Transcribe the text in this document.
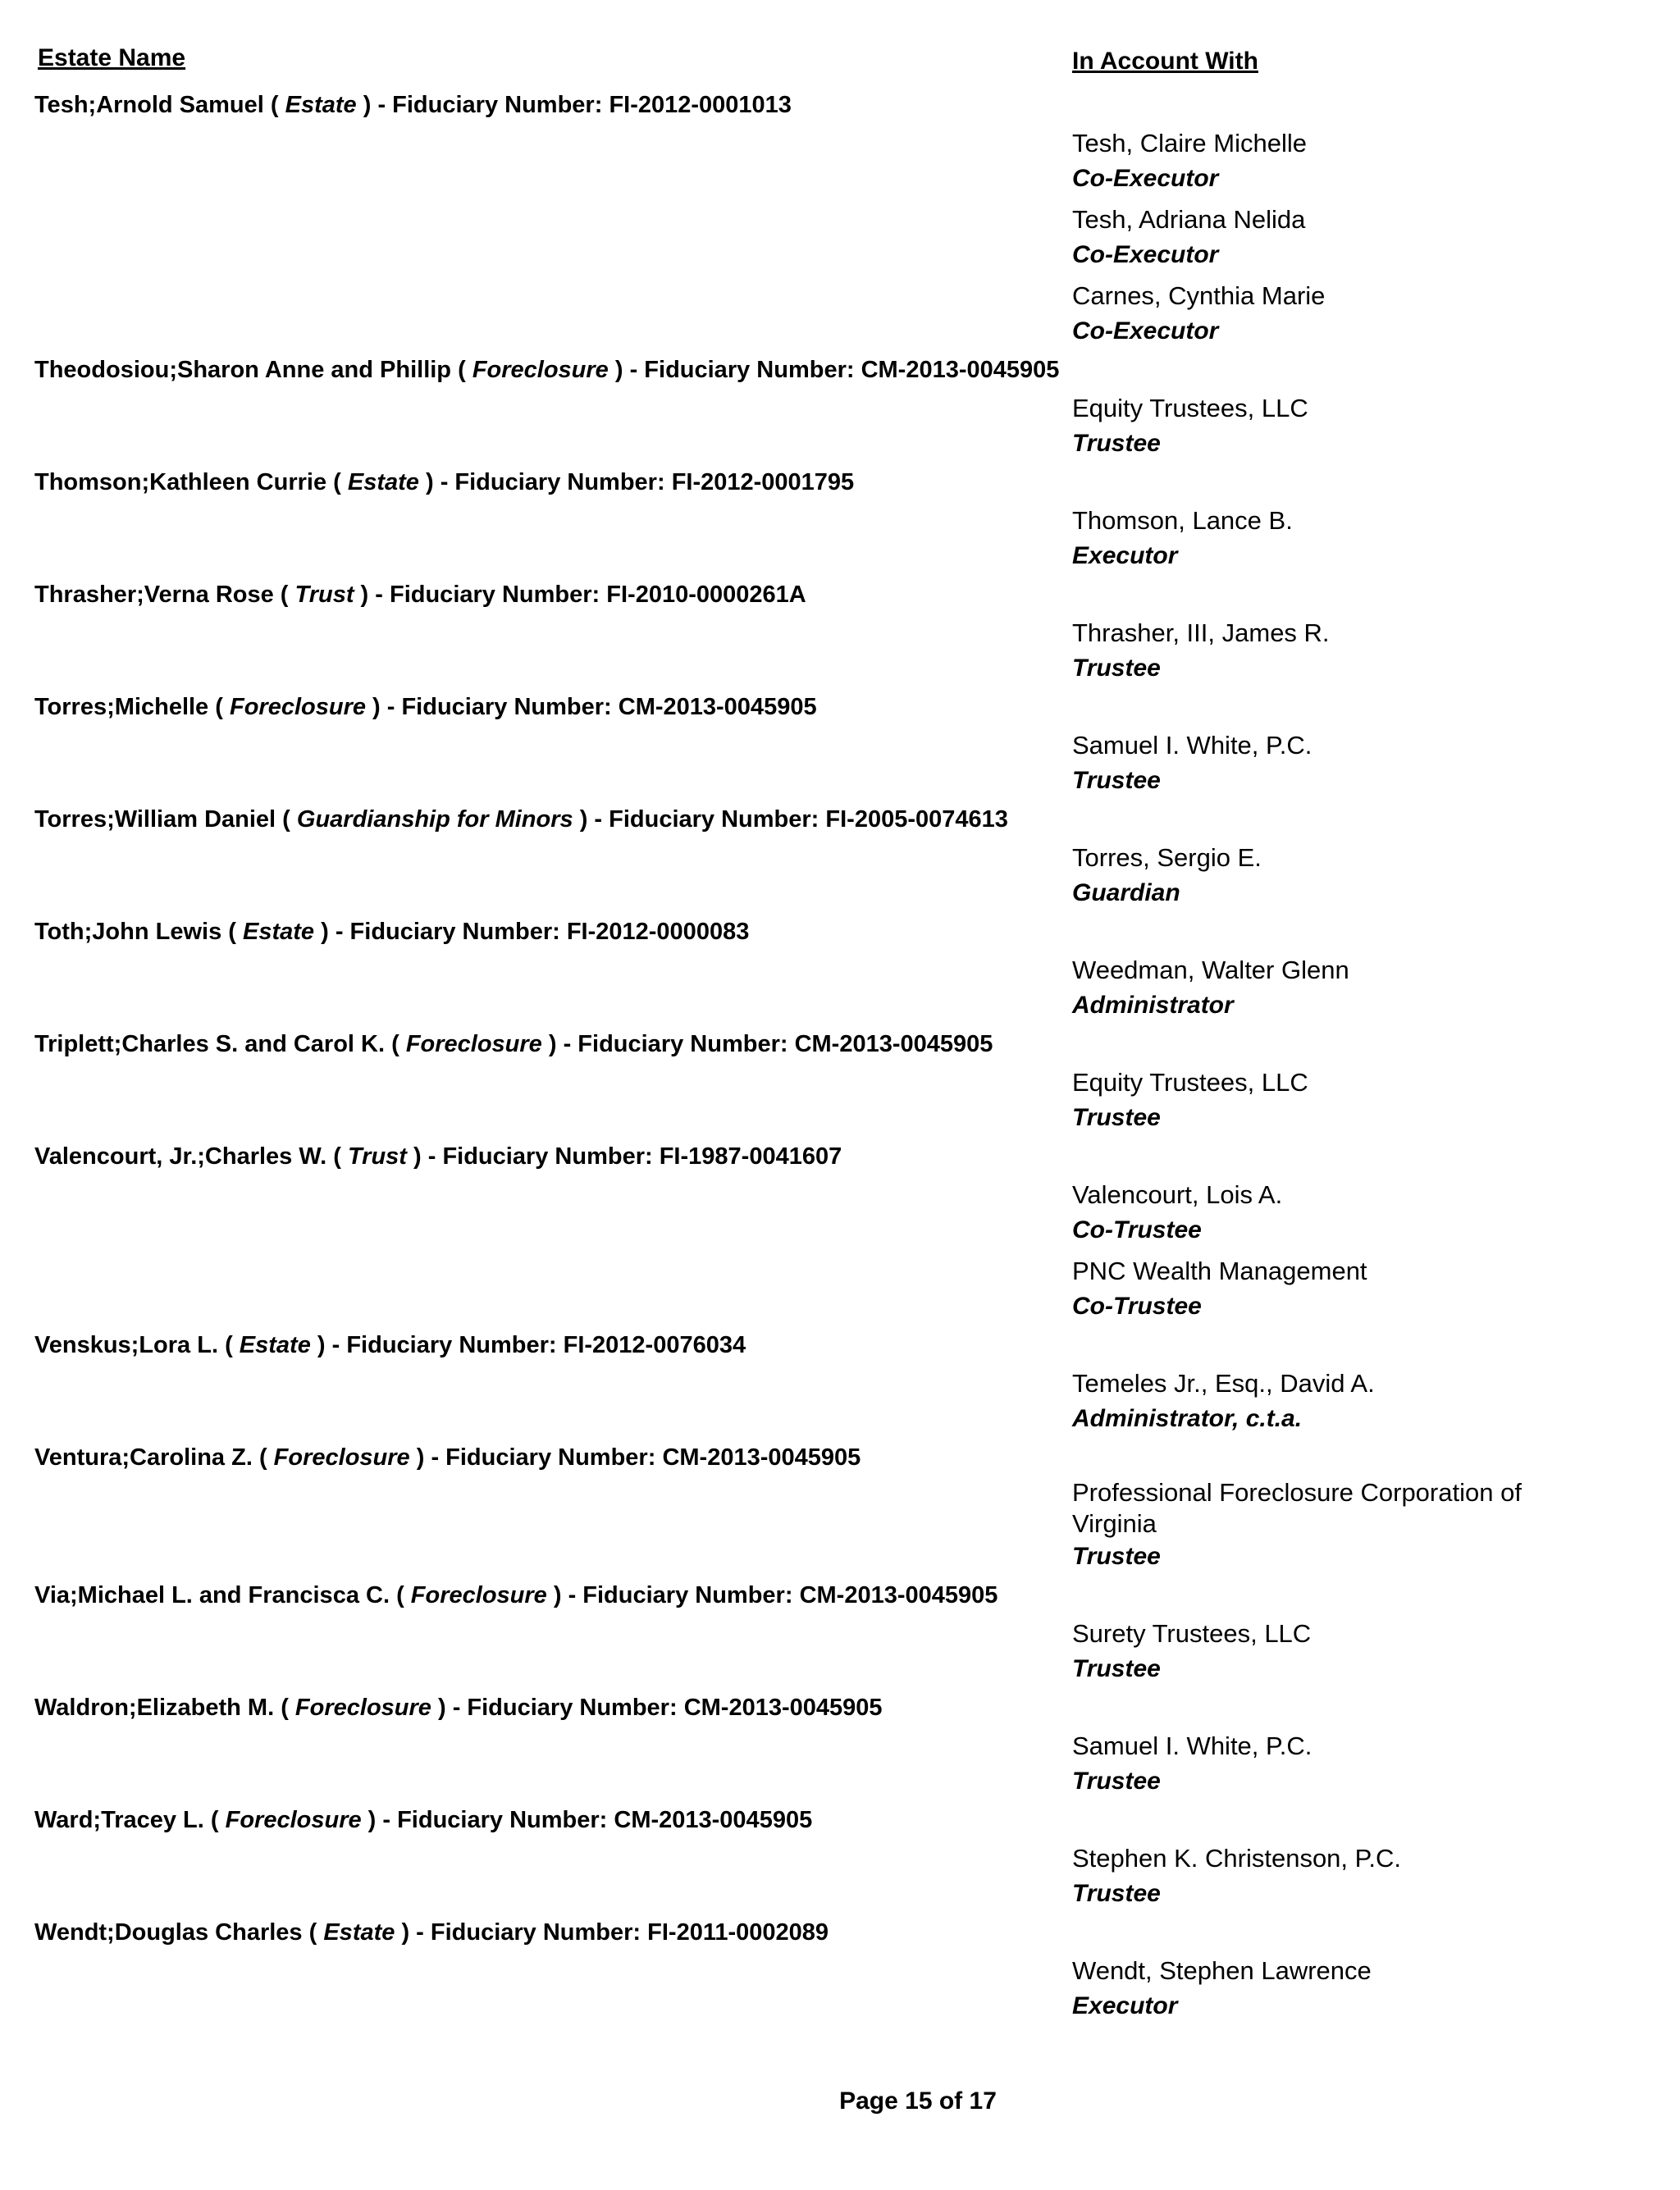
Estate Name	In Account With
Tesh;Arnold Samuel ( Estate ) - Fiduciary Number: FI-2012-0001013
Tesh, Claire Michelle
Co-Executor
Tesh, Adriana Nelida
Co-Executor
Carnes, Cynthia Marie
Co-Executor
Theodosiou;Sharon Anne and Phillip ( Foreclosure ) - Fiduciary Number: CM-2013-0045905
Equity Trustees, LLC
Trustee
Thomson;Kathleen Currie ( Estate ) - Fiduciary Number: FI-2012-0001795
Thomson, Lance B.
Executor
Thrasher;Verna Rose ( Trust ) - Fiduciary Number: FI-2010-0000261A
Thrasher, III, James R.
Trustee
Torres;Michelle ( Foreclosure ) - Fiduciary Number: CM-2013-0045905
Samuel I. White, P.C.
Trustee
Torres;William Daniel ( Guardianship for Minors ) - Fiduciary Number: FI-2005-0074613
Torres, Sergio E.
Guardian
Toth;John Lewis ( Estate ) - Fiduciary Number: FI-2012-0000083
Weedman, Walter Glenn
Administrator
Triplett;Charles S. and Carol K. ( Foreclosure ) - Fiduciary Number: CM-2013-0045905
Equity Trustees, LLC
Trustee
Valencourt, Jr.;Charles W. ( Trust ) - Fiduciary Number: FI-1987-0041607
Valencourt, Lois A.
Co-Trustee
PNC Wealth Management
Co-Trustee
Venskus;Lora L. ( Estate ) - Fiduciary Number: FI-2012-0076034
Temeles Jr., Esq., David A.
Administrator, c.t.a.
Ventura;Carolina Z. ( Foreclosure ) - Fiduciary Number: CM-2013-0045905
Professional Foreclosure Corporation of Virginia
Trustee
Via;Michael L. and Francisca C. ( Foreclosure ) - Fiduciary Number: CM-2013-0045905
Surety Trustees, LLC
Trustee
Waldron;Elizabeth M. ( Foreclosure ) - Fiduciary Number: CM-2013-0045905
Samuel I. White, P.C.
Trustee
Ward;Tracey L. ( Foreclosure ) - Fiduciary Number: CM-2013-0045905
Stephen K. Christenson, P.C.
Trustee
Wendt;Douglas Charles ( Estate ) - Fiduciary Number: FI-2011-0002089
Wendt, Stephen Lawrence
Executor
Page 15 of 17
